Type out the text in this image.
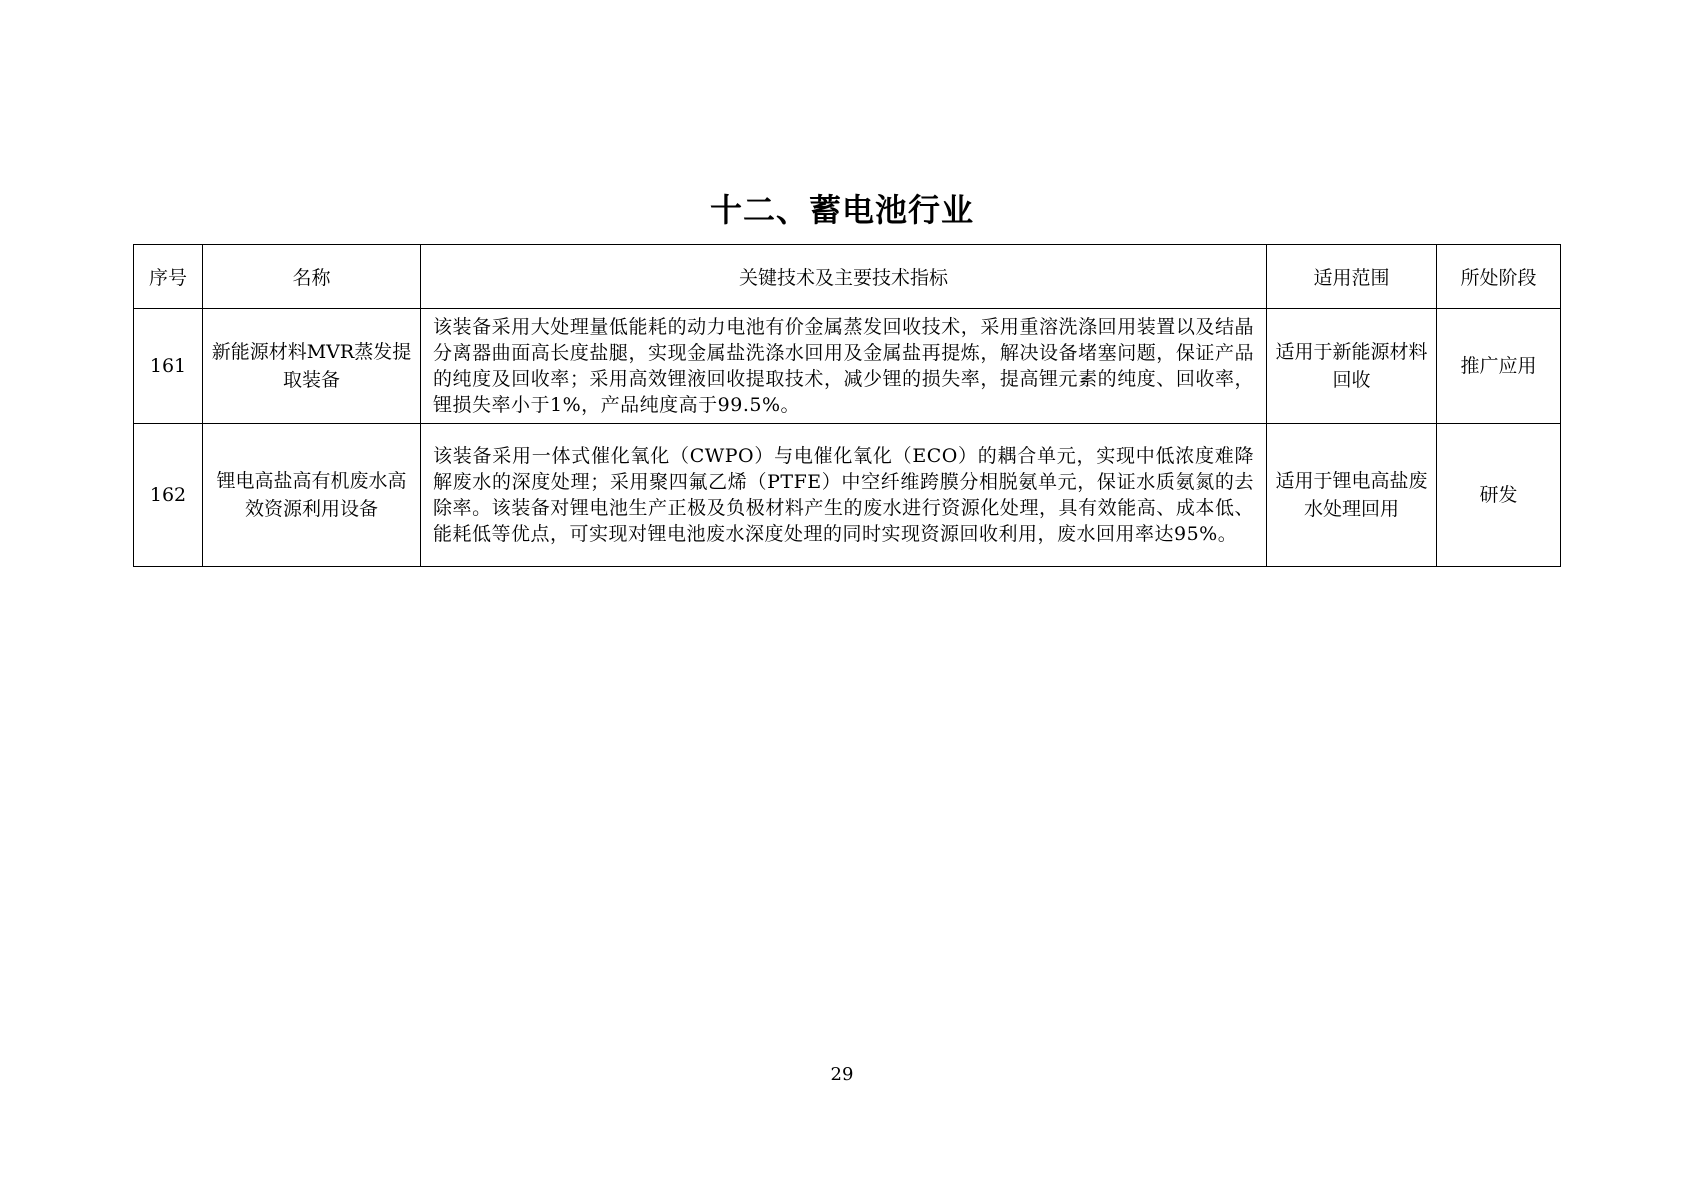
十二、蓄电池行业
序号	名称	关键技术及主要技术指标	适用范围	所处阶段
161	新能源材料MVR蒸发提取装备	该装备采用大处理量低能耗的动力电池有价金属蒸发回收技术，采用重溶洗涤回用装置以及结晶分离器曲面高长度盐腿，实现金属盐洗涤水回用及金属盐再提炼，解决设备堵塞问题，保证产品的纯度及回收率；采用高效锂液回收提取技术，减少锂的损失率，提高锂元素的纯度、回收率，锂损失率小于1%，产品纯度高于99.5%。	适用于新能源材料回收	推广应用
162	锂电高盐高有机废水高效资源利用设备	该装备采用一体式催化氧化（CWPO）与电催化氧化（ECO）的耦合单元，实现中低浓度难降解废水的深度处理；采用聚四氟乙烯（PTFE）中空纤维跨膜分相脱氨单元，保证水质氨氮的去除率。该装备对锂电池生产正极及负极材料产生的废水进行资源化处理，具有效能高、成本低、能耗低等优点，可实现对锂电池废水深度处理的同时实现资源回收利用，废水回用率达95%。	适用于锂电高盐废水处理回用	研发
29
